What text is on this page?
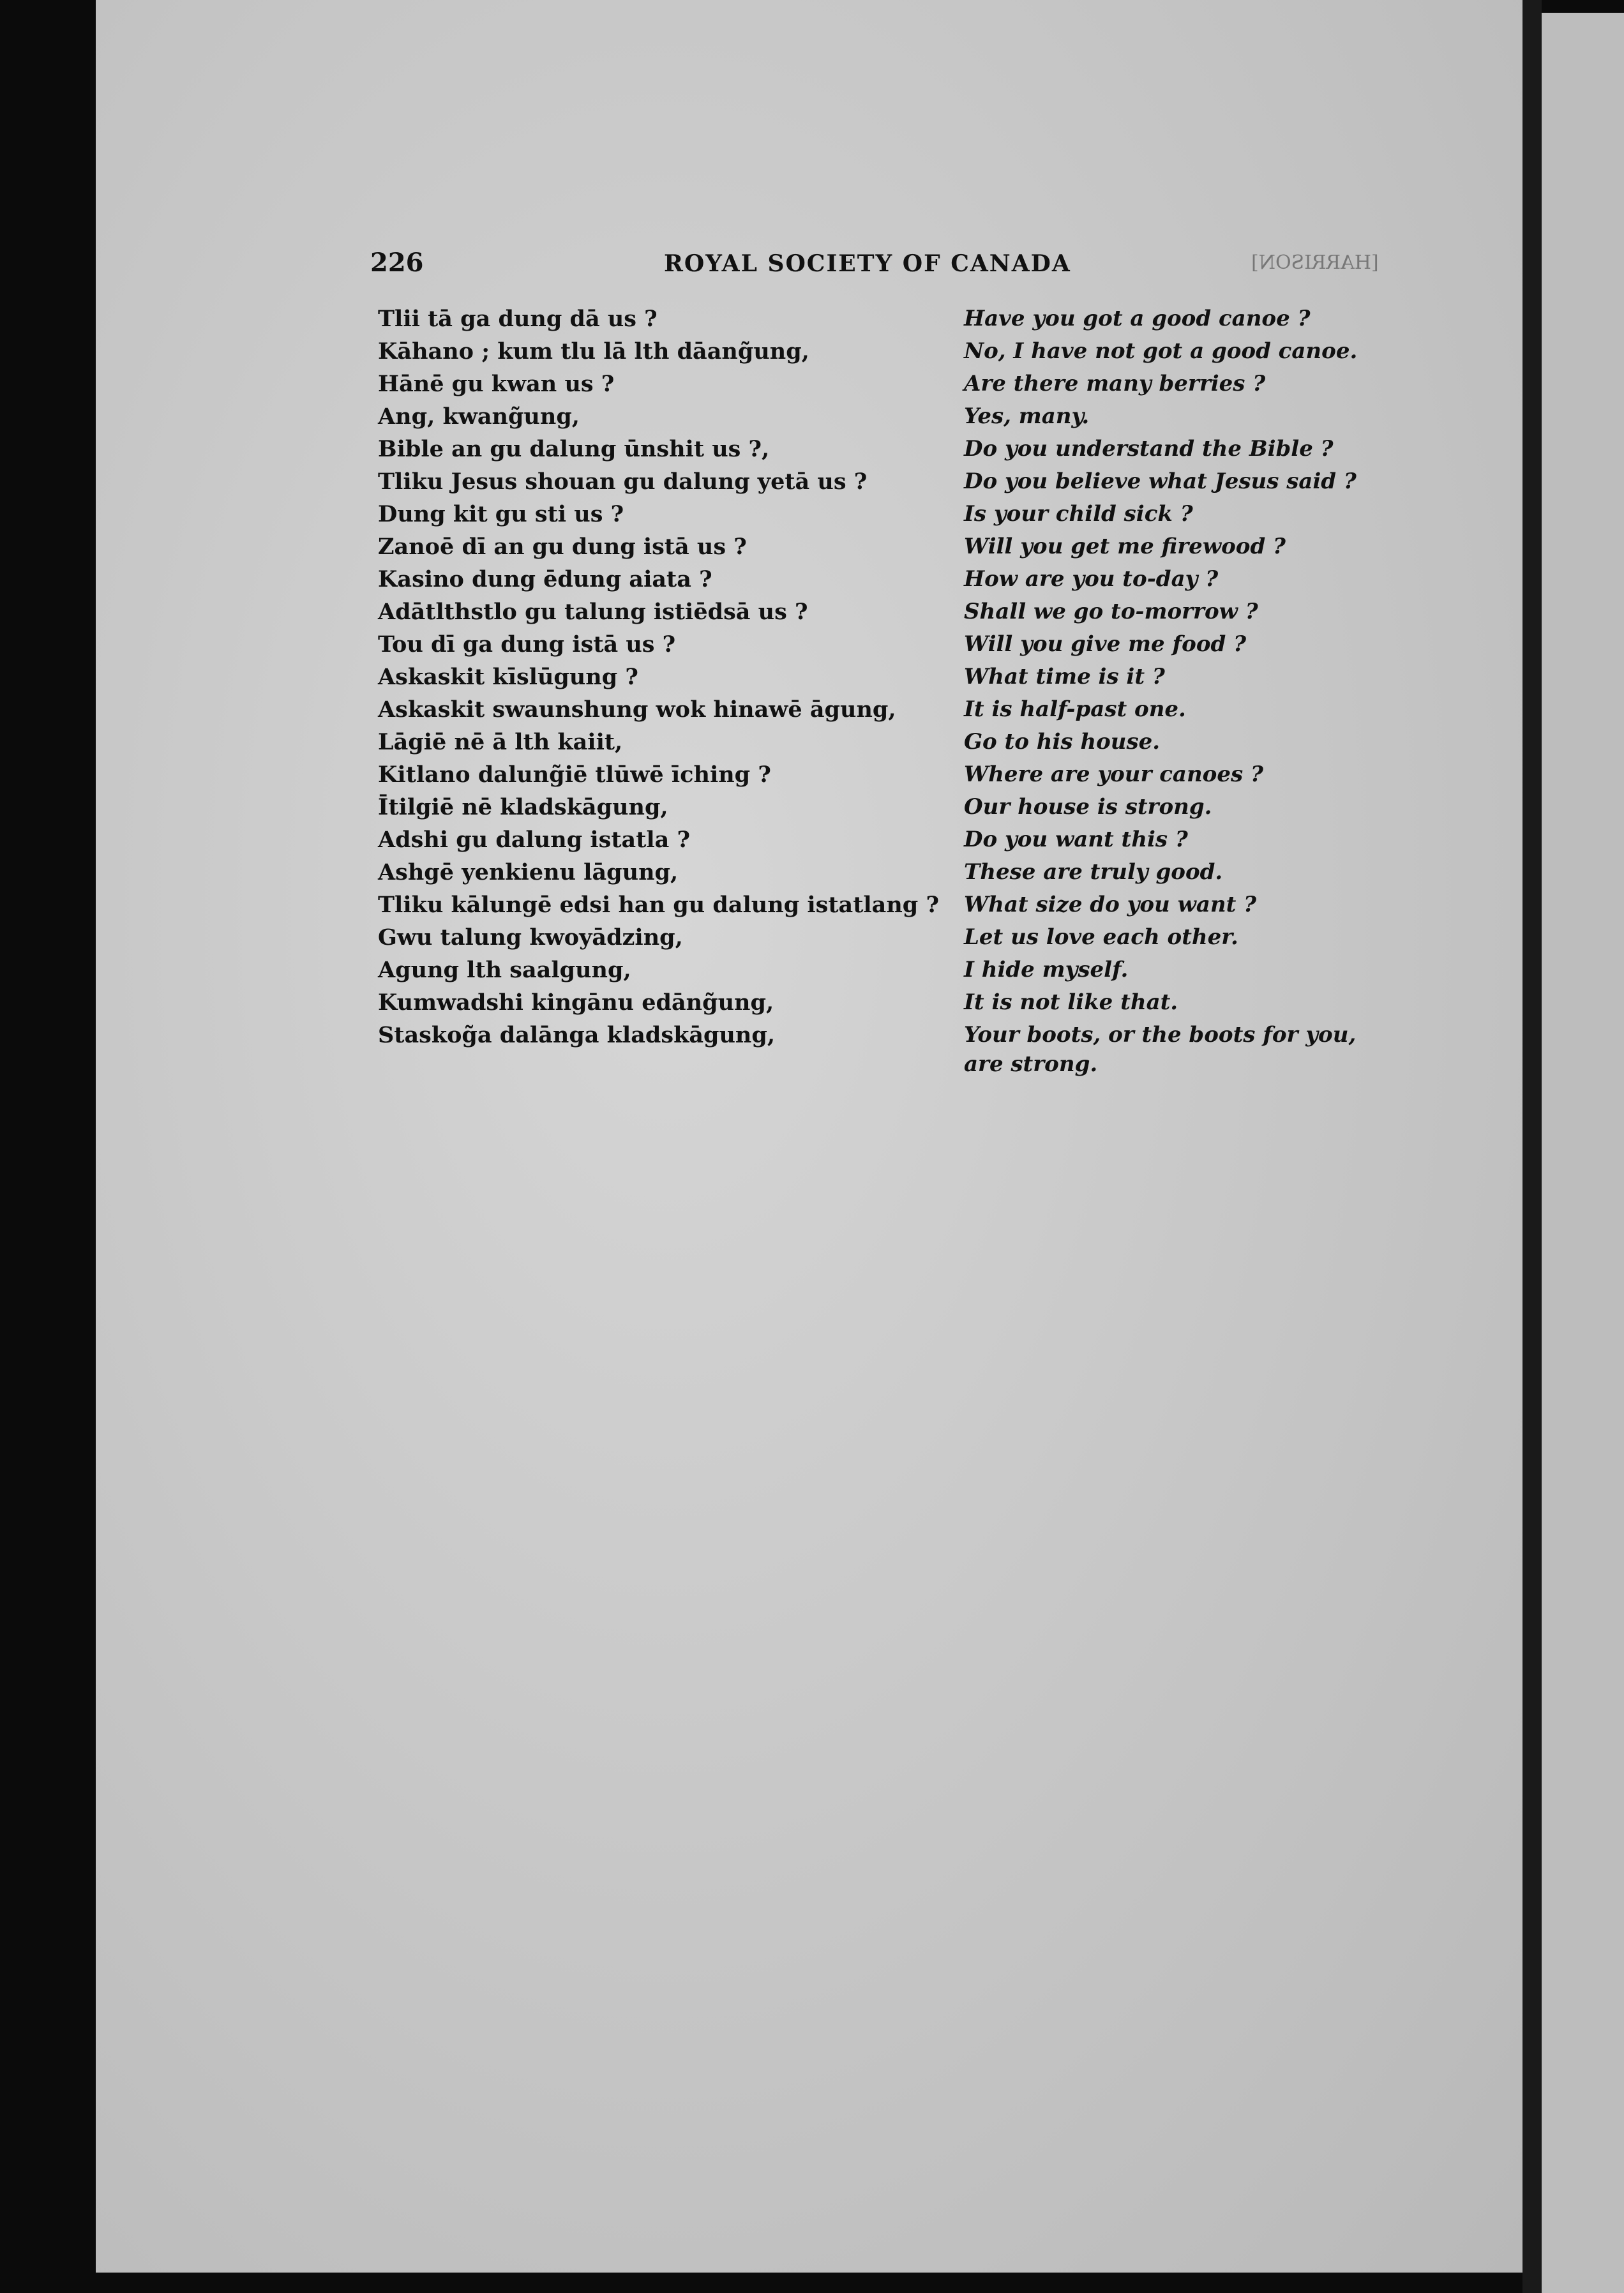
226	ROYAL SOCIETY OF CANADA	[HARRISON]
Tlii tā ga dung dā us ?
Kāhano ; kum tlu lā lth dāang̃ung,
Hānē gu kwan us ?
Ang, kwang̃ung,
Bible an gu dalung ūnshit us ?,
Tliku Jesus shouan gu dalung yetā us ?
Dung kit gu sti us ?
Zanoē dī an gu dung istā us ?
Kasino dung ēdung aiata ?
Adātlthstlo gu talung istiēdsā us ?
Tou dī ga dung istā us ?
Askaskit kīslūgung ?
Askaskit swaunshung wok hinawē āgung,
Lāgiē nē ā lth kaiit,
Kitlano dalung̃iē tlūwē īching ?
Ītilgiē nē kladskāgung,
Adshi gu dalung istatla ?
Ashgē yenkienu lāgung,
Tliku kālungē edsi han gu dalung istatlang ?
Gwu talung kwoyādzing,
Agung lth saalgung,
Kumwadshi kingānu edāng̃ung,
Staskog̃a dalānga kladskāgung,
Have you got a good canoe ?
No, I have not got a good canoe.
Are there many berries ?
Yes, many.
Do you understand the Bible ?
Do you believe what Jesus said ?
Is your child sick ?
Will you get me firewood ?
How are you to-day ?
Shall we go to-morrow ?
Will you give me food ?
What time is it ?
It is half-past one.
Go to his house.
Where are your canoes ?
Our house is strong.
Do you want this ?
These are truly good.
What size do you want ?
Let us love each other.
I hide myself.
It is not like that.
Your boots, or the boots for you, are strong.
